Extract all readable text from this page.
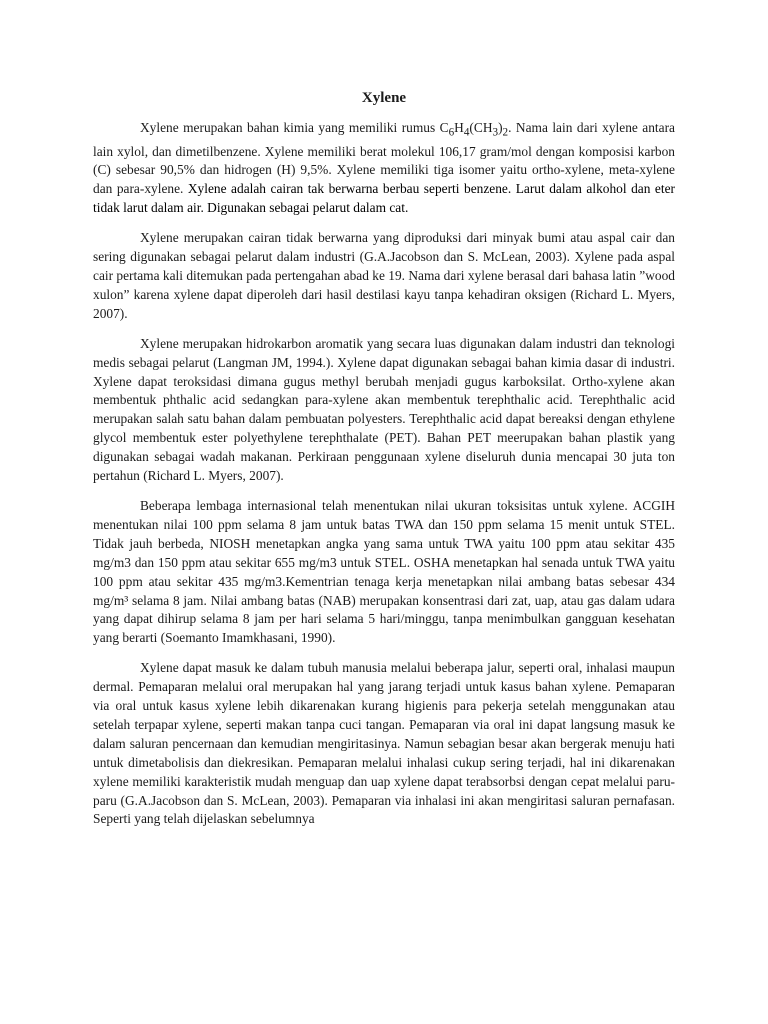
Xylene

Xylene merupakan bahan kimia yang memiliki rumus $C_6H_4(CH_3)_2$. Nama lain dari xylene antara lain xylol, dan dimetilbenzene. Xylene memiliki berat molekul 106,17 gram/mol dengan komposisi karbon (C) sebesar 90,5% dan hidrogen (H) 9,5%. Xylene memiliki tiga isomer yaitu ortho-xylene, meta-xylene dan para-xylene. Xylene adalah cairan tak berwarna berbau seperti benzene. Larut dalam alkohol dan eter tidak larut dalam air. Digunakan sebagai pelarut dalam cat.

Xylene merupakan cairan tidak berwarna yang diproduksi dari minyak bumi atau aspal cair dan sering digunakan sebagai pelarut dalam industri (G.A.Jacobson dan S. McLean, 2003). Xylene pada aspal cair pertama kali ditemukan pada pertengahan abad ke 19. Nama dari xylene berasal dari bahasa latin ”wood xulon” karena xylene dapat diperoleh dari hasil destilasi kayu tanpa kehadiran oksigen (Richard L. Myers, 2007).

Xylene merupakan hidrokarbon aromatik yang secara luas digunakan dalam industri dan teknologi medis sebagai pelarut (Langman JM, 1994.). Xylene dapat digunakan sebagai bahan kimia dasar di industri. Xylene dapat teroksidasi dimana gugus methyl berubah menjadi gugus karboksilat. Ortho-xylene akan membentuk phthalic acid sedangkan para-xylene akan membentuk terephthalic acid. Terephthalic acid merupakan salah satu bahan dalam pembuatan polyesters. Terephthalic acid dapat bereaksi dengan ethylene glycol membentuk ester polyethylene terephthalate (PET). Bahan PET meerupakan bahan plastik yang digunakan sebagai wadah makanan. Perkiraan penggunaan xylene diseluruh dunia mencapai 30 juta ton pertahun (Richard L. Myers, 2007).

Beberapa lembaga internasional telah menentukan nilai ukuran toksisitas untuk xylene. ACGIH menentukan nilai 100 ppm selama 8 jam untuk batas TWA dan 150 ppm selama 15 menit untuk STEL. Tidak jauh berbeda, NIOSH menetapkan angka yang sama untuk TWA yaitu 100 ppm atau sekitar 435 mg/m3 dan 150 ppm atau sekitar 655 mg/m3 untuk STEL. OSHA menetapkan hal senada untuk TWA yaitu 100 ppm atau sekitar 435 mg/m3.Kementrian tenaga kerja menetapkan nilai ambang batas sebesar 434 mg/m³ selama 8 jam. Nilai ambang batas (NAB) merupakan konsentrasi dari zat, uap, atau gas dalam udara yang dapat dihirup selama 8 jam per hari selama 5 hari/minggu, tanpa menimbulkan gangguan kesehatan yang berarti (Soemanto Imamkhasani, 1990).

Xylene dapat masuk ke dalam tubuh manusia melalui beberapa jalur, seperti oral, inhalasi maupun dermal. Pemaparan melalui oral merupakan hal yang jarang terjadi untuk kasus bahan xylene. Pemaparan via oral untuk kasus xylene lebih dikarenakan kurang higienis para pekerja setelah menggunakan atau setelah terpapar xylene, seperti makan tanpa cuci tangan. Pemaparan via oral ini dapat langsung masuk ke dalam saluran pencernaan dan kemudian mengiritasinya. Namun sebagian besar akan bergerak menuju hati untuk dimetabolisis dan diekresikan. Pemaparan melalui inhalasi cukup sering terjadi, hal ini dikarenakan xylene memiliki karakteristik mudah menguap dan uap xylene dapat terabsorbsi dengan cepat melalui paru-paru (G.A.Jacobson dan S. McLean, 2003). Pemaparan via inhalasi ini akan mengiritasi saluran pernafasan. Seperti yang telah dijelaskan sebelumnya
